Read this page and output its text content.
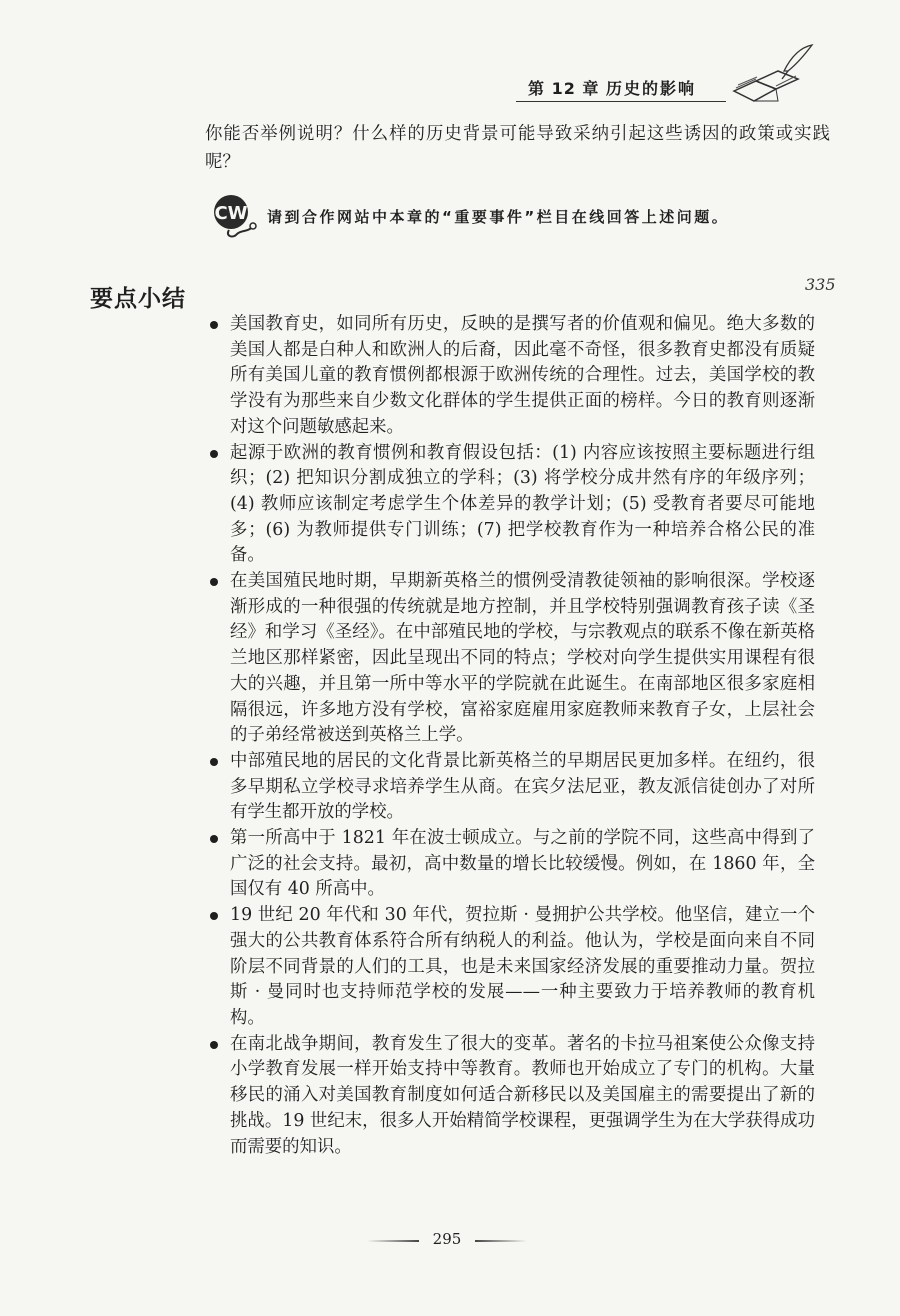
第 12 章 历史的影响
你能否举例说明？什么样的历史背景可能导致采纳引起这些诱因的政策或实践呢？
CW 请到合作网站中本章的“重要事件”栏目在线回答上述问题。
要点小结
335
美国教育史，如同所有历史，反映的是撰写者的价值观和偏见。绝大多数的美国人都是白种人和欧洲人的后裔，因此毫不奇怪，很多教育史都没有质疑所有美国儿童的教育惯例都根源于欧洲传统的合理性。过去，美国学校的教学没有为那些来自少数文化群体的学生提供正面的榜样。今日的教育则逐渐对这个问题敏感起来。
起源于欧洲的教育惯例和教育假设包括：(1) 内容应该按照主要标题进行组织；(2) 把知识分割成独立的学科；(3) 将学校分成井然有序的年级序列；(4) 教师应该制定考虑学生个体差异的教学计划；(5) 受教育者要尽可能地多；(6) 为教师提供专门训练；(7) 把学校教育作为一种培养合格公民的准备。
在美国殖民地时期，早期新英格兰的惯例受清教徒领袖的影响很深。学校逐渐形成的一种很强的传统就是地方控制，并且学校特别强调教育孩子读《圣经》和学习《圣经》。在中部殖民地的学校，与宗教观点的联系不像在新英格兰地区那样紧密，因此呈现出不同的特点；学校对向学生提供实用课程有很大的兴趣，并且第一所中等水平的学院就在此诞生。在南部地区很多家庭相隔很远，许多地方没有学校，富裕家庭雇用家庭教师来教育子女，上层社会的子弟经常被送到英格兰上学。
中部殖民地的居民的文化背景比新英格兰的早期居民更加多样。在纽约，很多早期私立学校寻求培养学生从商。在宾夕法尼亚，教友派信徒创办了对所有学生都开放的学校。
第一所高中于 1821 年在波士顿成立。与之前的学院不同，这些高中得到了广泛的社会支持。最初，高中数量的增长比较缓慢。例如，在 1860 年，全国仅有 40 所高中。
19 世纪 20 年代和 30 年代，贺拉斯 · 曼拥护公共学校。他坚信，建立一个强大的公共教育体系符合所有纳税人的利益。他认为，学校是面向来自不同阶层不同背景的人们的工具，也是未来国家经济发展的重要推动力量。贺拉斯 · 曼同时也支持师范学校的发展——一种主要致力于培养教师的教育机构。
在南北战争期间，教育发生了很大的变革。著名的卡拉马祖案使公众像支持小学教育发展一样开始支持中等教育。教师也开始成立了专门的机构。大量移民的涌入对美国教育制度如何适合新移民以及美国雇主的需要提出了新的挑战。19 世纪末，很多人开始精简学校课程，更强调学生为在大学获得成功而需要的知识。
295
